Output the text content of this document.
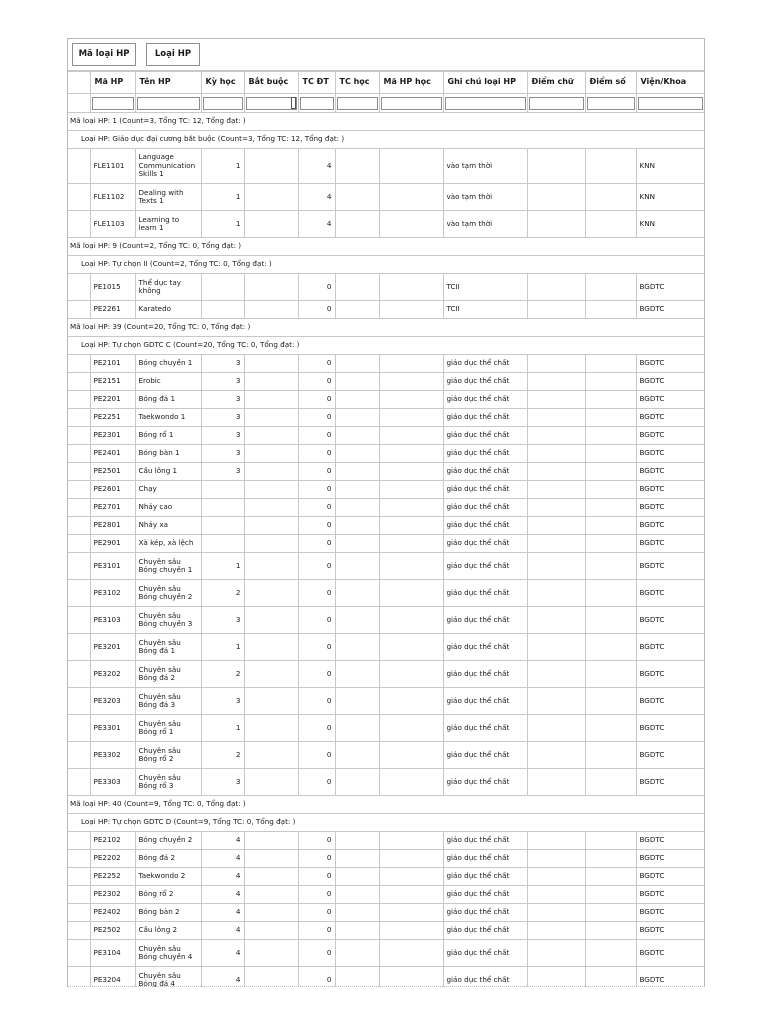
Mã loại HP	Loại HP
		Mã HP	Tên HP	Kỳ học	Bắt buộc	TC ĐT	TC học	Mã HP học	Ghi chú loại HP	Điểm chữ	Điểm số	Viện/Khoa

Mã loại HP: 1 (Count=3, Tổng TC: 12, Tổng đạt: )												
Loại HP: Giáo dục đại cương bắt buộc (Count=3, Tổng TC: 12, Tổng đạt: )												
		FLE1101	Language Communication Skills 1	1		4			vào tạm thời			KNN
		FLE1102	Dealing with Texts 1	1		4			vào tạm thời			KNN
		FLE1103	Learning to learn 1	1		4			vào tạm thời			KNN
Mã loại HP: 9 (Count=2, Tổng TC: 0, Tổng đạt: )												
Loại HP: Tự chọn II (Count=2, Tổng TC: 0, Tổng đạt: )												
		PE1015	Thể dục tay không			0			TCII			BGDTC
		PE2261	Karatedo			0			TCII			BGDTC
Mã loại HP: 39 (Count=20, Tổng TC: 0, Tổng đạt: )												
Loại HP: Tự chọn GDTC C (Count=20, Tổng TC: 0, Tổng đạt: )												
		PE2101	Bóng chuyền 1	3		0			giáo dục thể chất			BGDTC
		PE2151	Erobic	3		0			giáo dục thể chất			BGDTC
		PE2201	Bóng đá 1	3		0			giáo dục thể chất			BGDTC
		PE2251	Taekwondo 1	3		0			giáo dục thể chất			BGDTC
		PE2301	Bóng rổ 1	3		0			giáo dục thể chất			BGDTC
		PE2401	Bóng bàn 1	3		0			giáo dục thể chất			BGDTC
		PE2501	Cầu lông 1	3		0			giáo dục thể chất			BGDTC
		PE2601	Chạy			0			giáo dục thể chất			BGDTC
		PE2701	Nhảy cao			0			giáo dục thể chất			BGDTC
		PE2801	Nhảy xa			0			giáo dục thể chất			BGDTC
		PE2901	Xà kép, xà lệch			0			giáo dục thể chất			BGDTC
		PE3101	Chuyên sâu Bóng chuyền 1	1		0			giáo dục thể chất			BGDTC
		PE3102	Chuyên sâu Bóng chuyền 2	2		0			giáo dục thể chất			BGDTC
		PE3103	Chuyên sâu Bóng chuyền 3	3		0			giáo dục thể chất			BGDTC
		PE3201	Chuyên sâu Bóng đá 1	1		0			giáo dục thể chất			BGDTC
		PE3202	Chuyên sâu Bóng đá 2	2		0			giáo dục thể chất			BGDTC
		PE3203	Chuyên sâu Bóng đá 3	3		0			giáo dục thể chất			BGDTC
		PE3301	Chuyên sâu Bóng rổ 1	1		0			giáo dục thể chất			BGDTC
		PE3302	Chuyên sâu Bóng rổ 2	2		0			giáo dục thể chất			BGDTC
		PE3303	Chuyên sâu Bóng rổ 3	3		0			giáo dục thể chất			BGDTC
Mã loại HP: 40 (Count=9, Tổng TC: 0, Tổng đạt: )												
Loại HP: Tự chọn GDTC D (Count=9, Tổng TC: 0, Tổng đạt: )												
		PE2102	Bóng chuyền 2	4		0			giáo dục thể chất			BGDTC
		PE2202	Bóng đá 2	4		0			giáo dục thể chất			BGDTC
		PE2252	Taekwondo 2	4		0			giáo dục thể chất			BGDTC
		PE2302	Bóng rổ 2	4		0			giáo dục thể chất			BGDTC
		PE2402	Bóng bàn 2	4		0			giáo dục thể chất			BGDTC
		PE2502	Cầu lông 2	4		0			giáo dục thể chất			BGDTC
		PE3104	Chuyên sâu Bóng chuyền 4	4		0			giáo dục thể chất			BGDTC
		PE3204	Chuyên sâu Bóng đá 4	4		0			giáo dục thể chất			BGDTC
